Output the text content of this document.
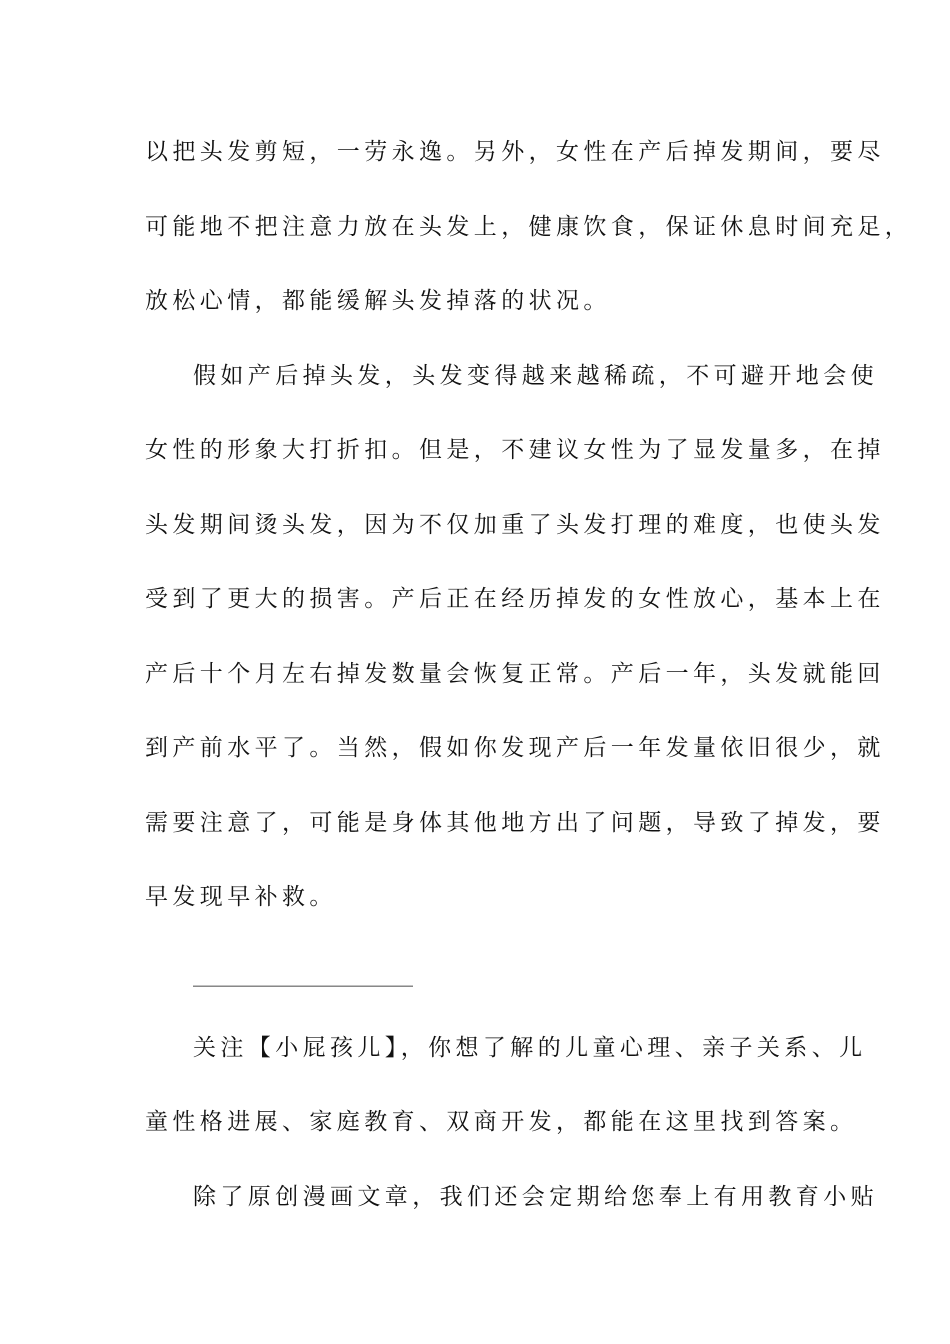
以把头发剪短，一劳永逸。另外，女性在产后掉发期间，要尽
可能地不把注意力放在头发上，健康饮食，保证休息时间充足，
放松心情，都能缓解头发掉落的状况。
假如产后掉头发，头发变得越来越稀疏，不可避开地会使
女性的形象大打折扣。但是，不建议女性为了显发量多，在掉
头发期间烫头发，因为不仅加重了头发打理的难度，也使头发
受到了更大的损害。产后正在经历掉发的女性放心，基本上在
产后十个月左右掉发数量会恢复正常。产后一年，头发就能回
到产前水平了。当然，假如你发现产后一年发量依旧很少，就
需要注意了，可能是身体其他地方出了问题，导致了掉发，要
早发现早补救。
______________________
关注【小屁孩儿】，你想了解的儿童心理、亲子关系、儿
童性格进展、家庭教育、双商开发，都能在这里找到答案。
除了原创漫画文章，我们还会定期给您奉上有用教育小贴
